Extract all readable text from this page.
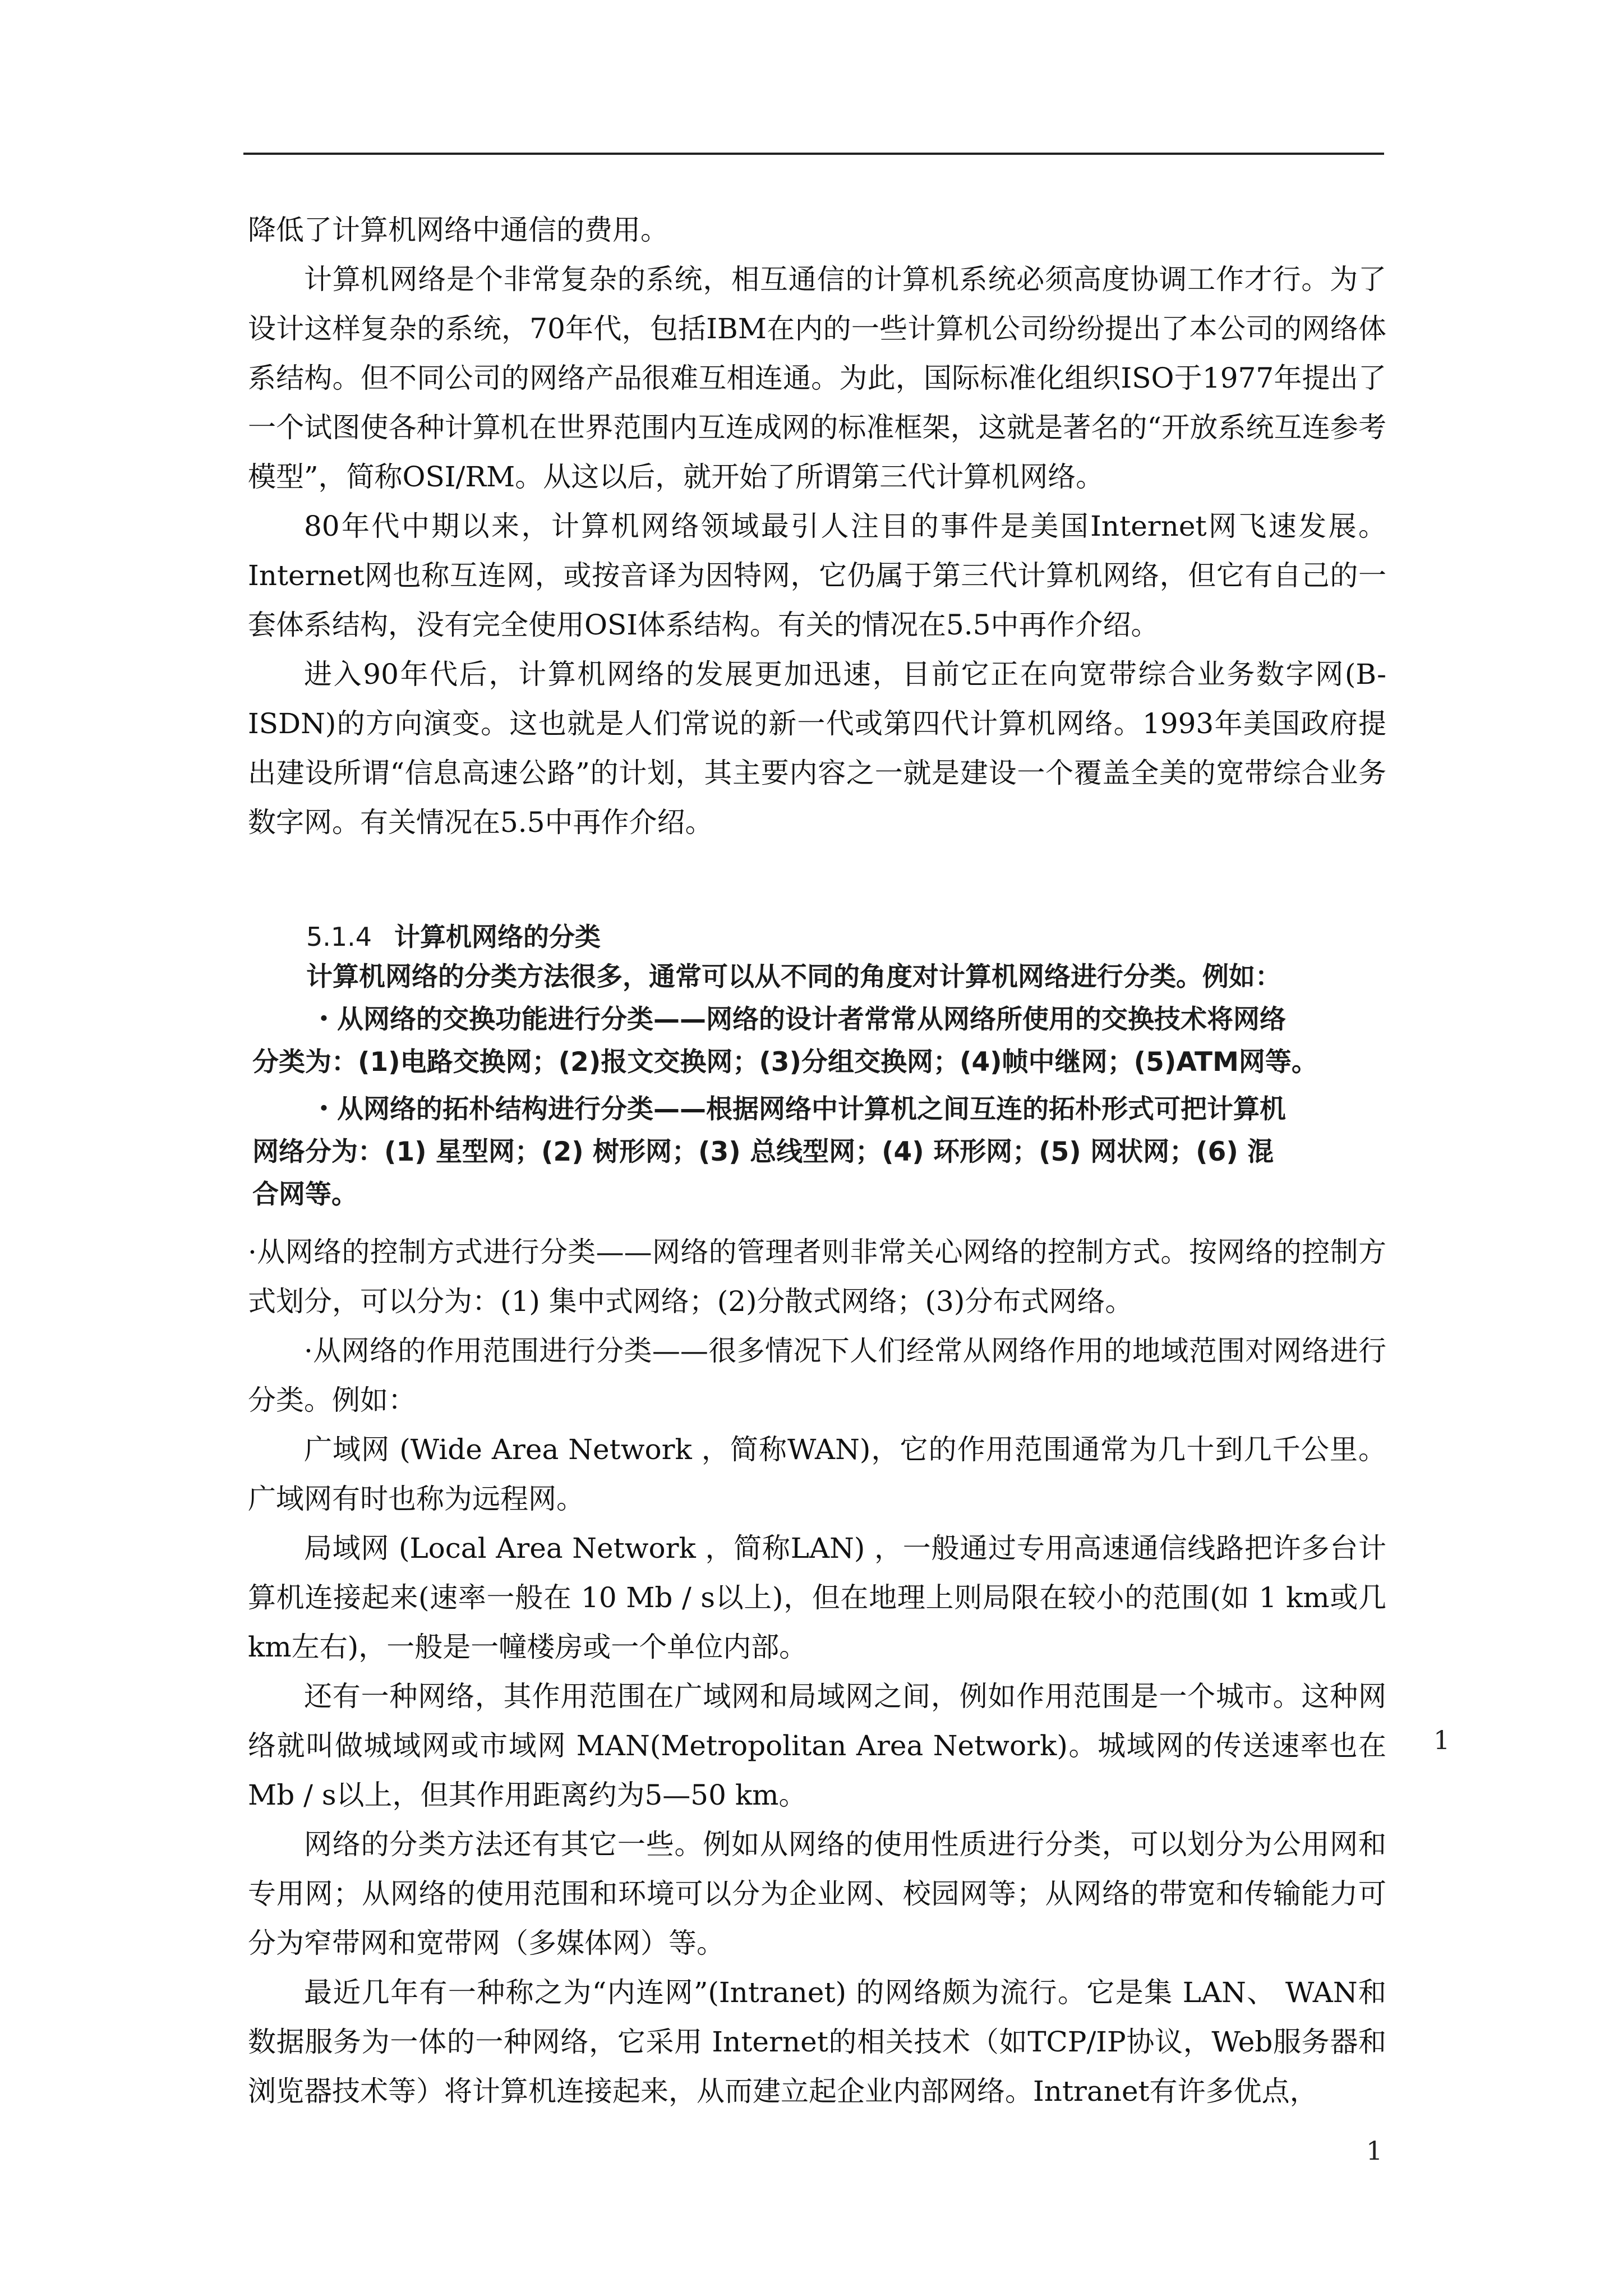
降低了计算机网络中通信的费用。

计算机网络是个非常复杂的系统，相互通信的计算机系统必须高度协调工作才行。为了设计这样复杂的系统，70年代，包括IBM在内的一些计算机公司纷纷提出了本公司的网络体系结构。但不同公司的网络产品很难互相连通。为此，国际标准化组织ISO于1977年提出了一个试图使各种计算机在世界范围内互连成网的标准框架，这就是著名的“开放系统互连参考模型”，简称OSI/RM。从这以后，就开始了所谓第三代计算机网络。

80年代中期以来，计算机网络领域最引人注目的事件是美国Internet网飞速发展。Internet网也称互连网，或按音译为因特网，它仍属于第三代计算机网络，但它有自己的一套体系结构，没有完全使用OSI体系结构。有关的情况在5.5中再作介绍。

进入90年代后，计算机网络的发展更加迅速，目前它正在向宽带综合业务数字网(B-ISDN)的方向演变。这也就是人们常说的新一代或第四代计算机网络。1993年美国政府提出建设所谓“信息高速公路”的计划，其主要内容之一就是建设一个覆盖全美的宽带综合业务数字网。有关情况在5.5中再作介绍。

5.1.4 计算机网络的分类
计算机网络的分类方法很多，通常可以从不同的角度对计算机网络进行分类。例如：
・从网络的交换功能进行分类——网络的设计者常常从网络所使用的交换技术将网络
分类为：(1)电路交换网；(2)报文交换网；(3)分组交换网；(4)帧中继网；(5)ATM网等。
・从网络的拓朴结构进行分类——根据网络中计算机之间互连的拓朴形式可把计算机
网络分为：(1) 星型网；(2) 树形网；(3) 总线型网；(4) 环形网；(5) 网状网；(6) 混
合网等。

·从网络的控制方式进行分类——网络的管理者则非常关心网络的控制方式。按网络的控制方式划分，可以分为：(1) 集中式网络；(2)分散式网络；(3)分布式网络。

·从网络的作用范围进行分类——很多情况下人们经常从网络作用的地域范围对网络进行分类。例如：

广域网 (Wide Area Network ，简称WAN)，它的作用范围通常为几十到几千公里。广域网有时也称为远程网。

局域网 (Local Area Network ，简称LAN) ，一般通过专用高速通信线路把许多台计算机连接起来(速率一般在 10 Mb / s以上)，但在地理上则局限在较小的范围(如 1 km或几km左右)，一般是一幢楼房或一个单位内部。

还有一种网络，其作用范围在广域网和局域网之间，例如作用范围是一个城市。这种网络就叫做城域网或市域网 MAN(Metropolitan Area Network)。城域网的传送速率也在Mb / s以上，但其作用距离约为5—50 km。

网络的分类方法还有其它一些。例如从网络的使用性质进行分类，可以划分为公用网和专用网；从网络的使用范围和环境可以分为企业网、校园网等；从网络的带宽和传输能力可分为窄带网和宽带网（多媒体网）等。

最近几年有一种称之为“内连网”(Intranet) 的网络颇为流行。它是集 LAN、 WAN和数据服务为一体的一种网络，它采用 Internet的相关技术（如TCP/IP协议，Web服务器和浏览器技术等）将计算机连接起来，从而建立起企业内部网络。Intranet有许多优点，

1
1
